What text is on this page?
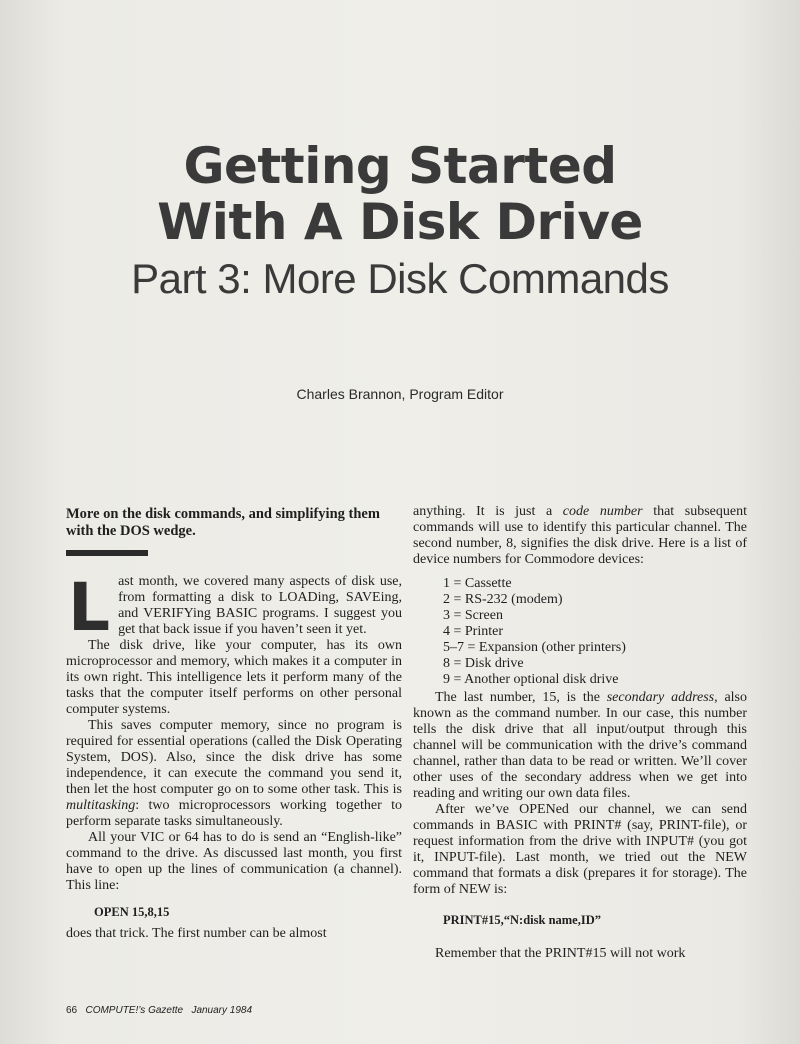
Getting Started
With A Disk Drive
Part 3: More Disk Commands
Charles Brannon, Program Editor
More on the disk commands, and simplifying them with the DOS wedge.

Last month, we covered many aspects of disk use, from formatting a disk to LOADing, SAVEing, and VERIFYing BASIC programs. I suggest you get that back issue if you haven’t seen it yet.

The disk drive, like your computer, has its own microprocessor and memory, which makes it a computer in its own right. This intelligence lets it perform many of the tasks that the computer itself performs on other personal computer systems.

This saves computer memory, since no program is required for essential operations (called the Disk Operating System, DOS). Also, since the disk drive has some independence, it can execute the command you send it, then let the host computer go on to some other task. This is multitasking: two microprocessors working together to perform separate tasks simultaneously.

All your VIC or 64 has to do is send an “English-like” command to the drive. As discussed last month, you first have to open up the lines of communication (a channel). This line:

OPEN 15,8,15

does that trick. The first number can be almost

anything. It is just a code number that subsequent commands will use to identify this particular channel. The second number, 8, signifies the disk drive. Here is a list of device numbers for Commodore devices:

1 = Cassette
2 = RS-232 (modem)
3 = Screen
4 = Printer
5–7 = Expansion (other printers)
8 = Disk drive
9 = Another optional disk drive

The last number, 15, is the secondary address, also known as the command number. In our case, this number tells the disk drive that all input/output through this channel will be communication with the drive’s command channel, rather than data to be read or written. We’ll cover other uses of the secondary address when we get into reading and writing our own data files.

After we’ve OPENed our channel, we can send commands in BASIC with PRINT# (say, PRINT-file), or request information from the drive with INPUT# (you got it, INPUT-file). Last month, we tried out the NEW command that formats a disk (prepares it for storage). The form of NEW is:

PRINT#15,“N:disk name,ID”

Remember that the PRINT#15 will not work

66 COMPUTE!’s Gazette January 1984
